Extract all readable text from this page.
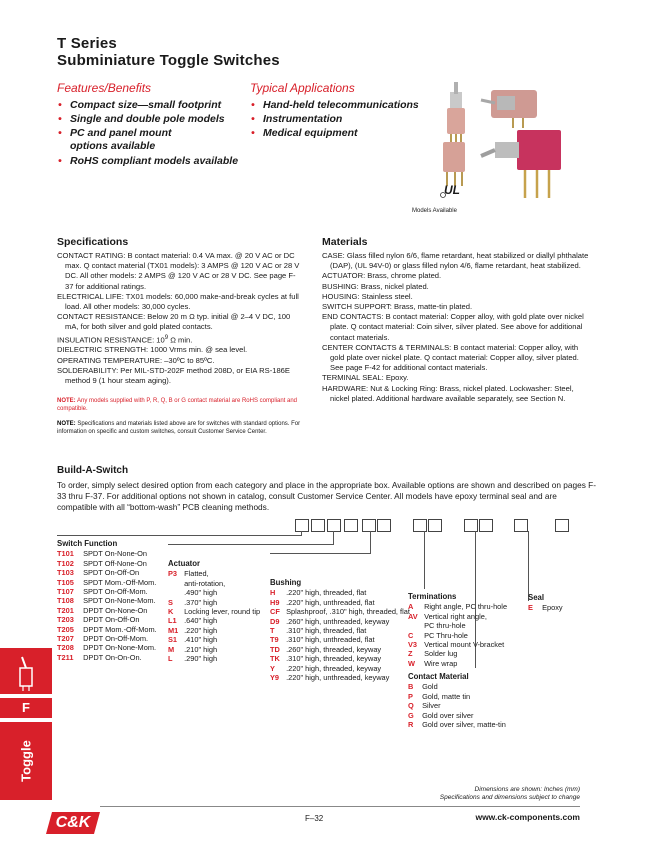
T Series
Subminiature Toggle Switches
Features/Benefits
• Compact size—small footprint
• Single and double pole models
• PC and panel mount
options available
• RoHS compliant models available
Typical Applications
• Hand-held telecommunications
• Instrumentation
• Medical equipment
UL
Models Available
Specifications

CONTACT RATING: B contact material: 0.4 VA max. @ 20 V AC or DC max. Q contact material (TX01 models): 3 AMPS @ 120 V AC or 28 V DC. All other models: 2 AMPS @ 120 V AC or 28 V DC. See page F-37 for additional ratings.

ELECTRICAL LIFE: TX01 models: 60,000 make-and-break cycles at full load. All other models: 30,000 cycles.

CONTACT RESISTANCE: Below 20 m Ω typ. initial @ 2–4 V DC, 100 mA, for both silver and gold plated contacts.

INSULATION RESISTANCE: $10^9$ Ω min.

DIELECTRIC STRENGTH: 1000 Vrms min. @ sea level.

OPERATING TEMPERATURE: –30ºC to 85ºC.

SOLDERABILITY: Per MIL-STD-202F method 208D, or EIA RS-186E method 9 (1 hour steam aging).

NOTE: Any models supplied with P, R, Q, B or G contact material are RoHS compliant and compatible.

NOTE: Specifications and materials listed above are for switches with standard options. For information on specific and custom switches, consult Customer Service Center.

Materials

CASE: Glass filled nylon 6/6, flame retardant, heat stabilized or diallyl phthalate (DAP), (UL 94V-0) or glass filled nylon 4/6, flame retardant, heat stabilized.

ACTUATOR: Brass, chrome plated.

BUSHING: Brass, nickel plated.

HOUSING: Stainless steel.

SWITCH SUPPORT: Brass, matte-tin plated.

END CONTACTS: B contact material: Copper alloy, with gold plate over nickel plate. Q contact material: Coin silver, silver plated. See above for additional contact materials.

CENTER CONTACTS & TERMINALS: B contact material: Copper alloy, with gold plate over nickel plate. Q contact material: Copper alloy, silver plated. See page F-42 for additional contact materials.

TERMINAL SEAL: Epoxy.

HARDWARE: Nut & Locking Ring: Brass, nickel plated. Lockwasher: Steel, nickel plated. Additional hardware available separately, see Section N.

Build-A-Switch
To order, simply select desired option from each category and place in the appropriate box. Available options are shown and described on pages F-33 thru F-37. For additional options not shown in catalog, consult Customer Service Center. All models have epoxy terminal seal and are compatible with all “bottom-wash” PCB cleaning methods.
Switch Function
T101 SPDT On-None-On
T102 SPDT Off-None-On
T103 SPDT On-Off-On
T105 SPDT Mom.-Off-Mom.
T107 SPDT On-Off-Mom.
T108 SPDT On-None-Mom.
T201 DPDT On-None-On
T203 DPDT On-Off-On
T205 DPDT Mom.-Off-Mom.
T207 DPDT On-Off-Mom.
T208 DPDT On-None-Mom.
T211 DPDT On-On-On.
Actuator
P3 Flatted,
anti-rotation,
.490" high
S .370" high
K Locking lever, round tip
L1 .640" high
M1 .220" high
S1 .410" high
M .210" high
L .290" high
Bushing
H .220" high, threaded, flat
H9 .220" high, unthreaded, flat
CF Splashproof, .310" high, threaded, flat
D9 .260" high, unthreaded, keyway
T .310" high, threaded, flat
T9 .310" high, unthreaded, flat
TD .260" high, threaded, keyway
TK .310" high, threaded, keyway
Y .220" high, threaded, keyway
Y9 .220" high, unthreaded, keyway
Terminations
A Right angle, PC thru-hole
AV Vertical right angle,
PC thru-hole
C PC Thru-hole
V3 Vertical mount V-bracket
Z Solder lug
W Wire wrap
Contact Material
B Gold
P Gold, matte tin
Q Silver
G Gold over silver
R Gold over silver, matte-tin
Seal
E Epoxy
F
Toggle
C&K
Dimensions are shown: Inches (mm)
Specifications and dimensions subject to change
F–32	www.ck-components.com
